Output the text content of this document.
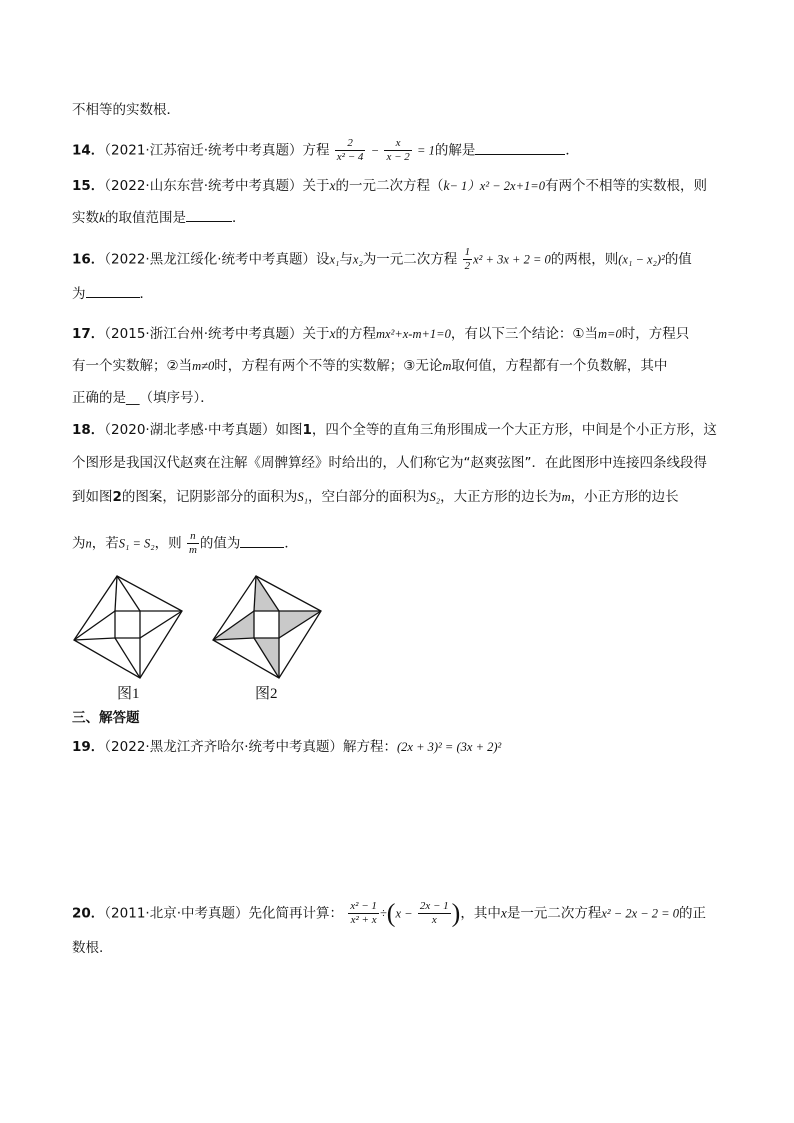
不相等的实数根．
14．（2021·江苏宿迁·统考中考真题）方程 $\frac{2}{\text{x² − 4}} - \frac{x}{x - 2} = 1$的解是	．
15．（2022·山东东营·统考中考真题）关于x的一元二次方程（k− 1）x² − 2x+1=0有两个不相等的实数根，则
实数k的取值范围是	．
16．（2022·黑龙江绥化·统考中考真题）设x₁与x₂为一元二次方程 $\frac{1}{2} x^2 + 3x + 2 = 0$的两根，则(x₁ − x₂)²的值
为	．
17．（2015·浙江台州·统考中考真题）关于x的方程mx²+x-m+1=0，有以下三个结论：①当m=0时，方程只
有一个实数解；②当m≠0时，方程有两个不等的实数解；③无论m取何值，方程都有一个负数解，其中
正确的是__（填序号）．
18．（2020·湖北孝感·中考真题）如图1，四个全等的直角三角形围成一个大正方形，中间是个小正方形，这
个图形是我国汉代赵爽在注解《周髀算经》时给出的，人们称它为“赵爽弦图”．在此图形中连接四条线段得
到如图2的图案，记阴影部分的面积为S₁，空白部分的面积为S₂，大正方形的边长为m，小正方形的边长
为n，若S₁ = S₂，则 $\frac{n}{m}$ 的值为	．
图1	图2
三、解答题
19．（2022·黑龙江齐齐哈尔·统考中考真题）解方程：(2x + 3)² = (3x + 2)²
20．（2011·北京·中考真题）先化简再计算： $\frac{\text{x² − 1}}{\text{x² + x}} \div(x - \frac{2x - 1}{x}$ )，其中x是一元二次方程x² − 2x − 2 = 0的正
数根.
